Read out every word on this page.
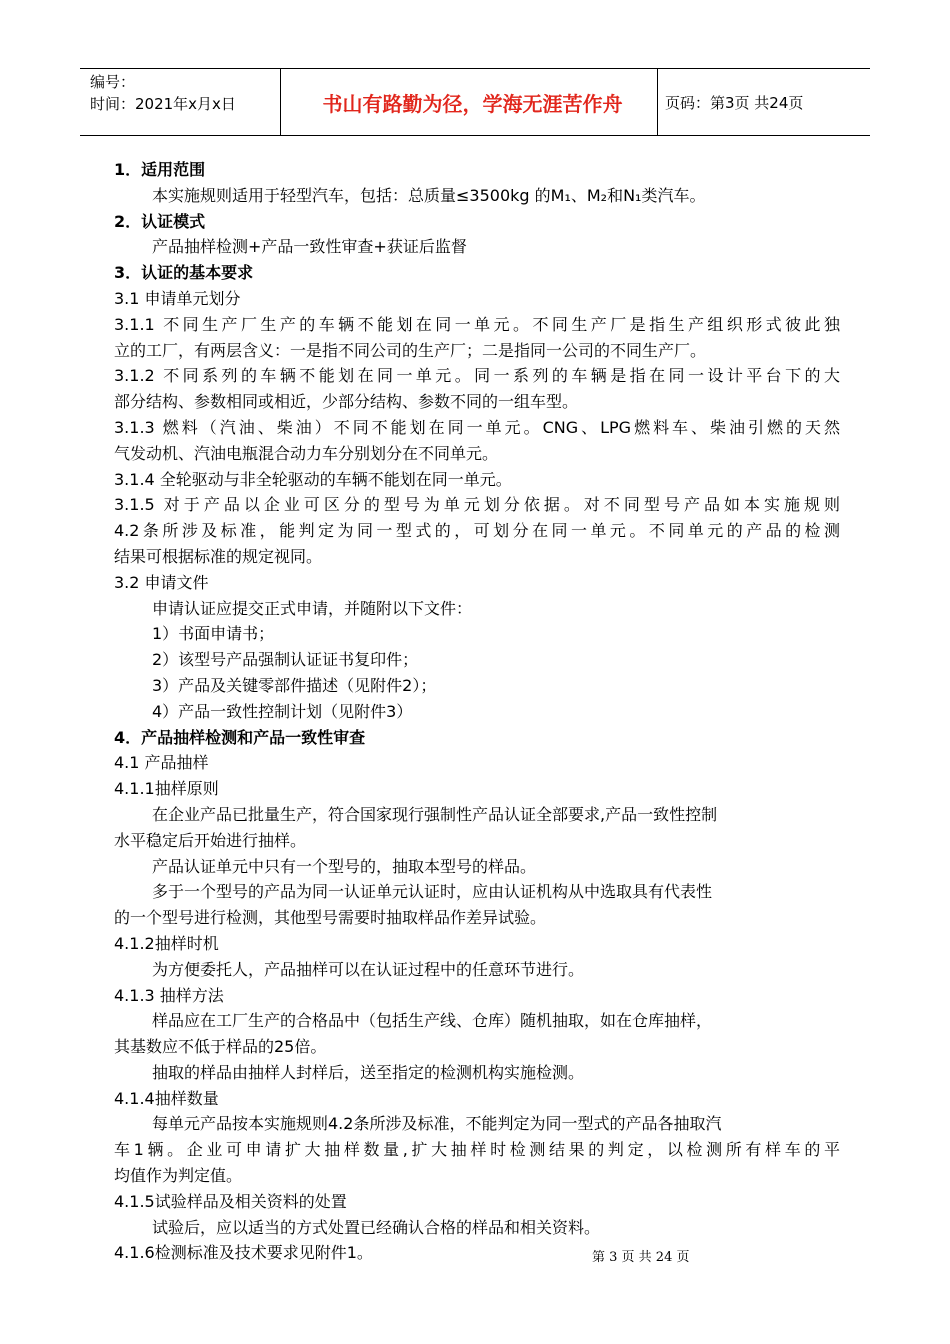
编号：
时间：2021年x月x日	书山有路勤为径，学海无涯苦作舟	页码：第3页 共24页
1．适用范围
本实施规则适用于轻型汽车，包括：总质量≤3500kg 的M₁、M₂和N₁类汽车。
2．认证模式
产品抽样检测+产品一致性审查+获证后监督
3．认证的基本要求
3.1 申请单元划分
3.1.1 不同生产厂生产的车辆不能划在同一单元。不同生产厂是指生产组织形式彼此独
立的工厂，有两层含义：一是指不同公司的生产厂；二是指同一公司的不同生产厂。
3.1.2 不同系列的车辆不能划在同一单元。同一系列的车辆是指在同一设计平台下的大
部分结构、参数相同或相近，少部分结构、参数不同的一组车型。
3.1.3 燃料（汽油、柴油）不同不能划在同一单元。CNG、LPG燃料车、柴油引燃的天然
气发动机、汽油电瓶混合动力车分别划分在不同单元。
3.1.4 全轮驱动与非全轮驱动的车辆不能划在同一单元。
3.1.5 对于产品以企业可区分的型号为单元划分依据。对不同型号产品如本实施规则
4.2条所涉及标准，能判定为同一型式的，可划分在同一单元。不同单元的产品的检测
结果可根据标准的规定视同。
3.2 申请文件
申请认证应提交正式申请，并随附以下文件：
1）书面申请书；
2）该型号产品强制认证证书复印件；
3）产品及关键零部件描述（见附件2）；
4）产品一致性控制计划（见附件3）
4．产品抽样检测和产品一致性审查
4.1 产品抽样
4.1.1抽样原则
在企业产品已批量生产，符合国家现行强制性产品认证全部要求,产品一致性控制
水平稳定后开始进行抽样。
产品认证单元中只有一个型号的，抽取本型号的样品。
多于一个型号的产品为同一认证单元认证时，应由认证机构从中选取具有代表性
的一个型号进行检测，其他型号需要时抽取样品作差异试验。
4.1.2抽样时机
为方便委托人，产品抽样可以在认证过程中的任意环节进行。
4.1.3 抽样方法
样品应在工厂生产的合格品中（包括生产线、仓库）随机抽取，如在仓库抽样，
其基数应不低于样品的25倍。
抽取的样品由抽样人封样后，送至指定的检测机构实施检测。
4.1.4抽样数量
每单元产品按本实施规则4.2条所涉及标准，不能判定为同一型式的产品各抽取汽
车1辆。企业可申请扩大抽样数量,扩大抽样时检测结果的判定，以检测所有样车的平
均值作为判定值。
4.1.5试验样品及相关资料的处置
试验后，应以适当的方式处置已经确认合格的样品和相关资料。
4.1.6检测标准及技术要求见附件1。	第 3 页 共 24 页
